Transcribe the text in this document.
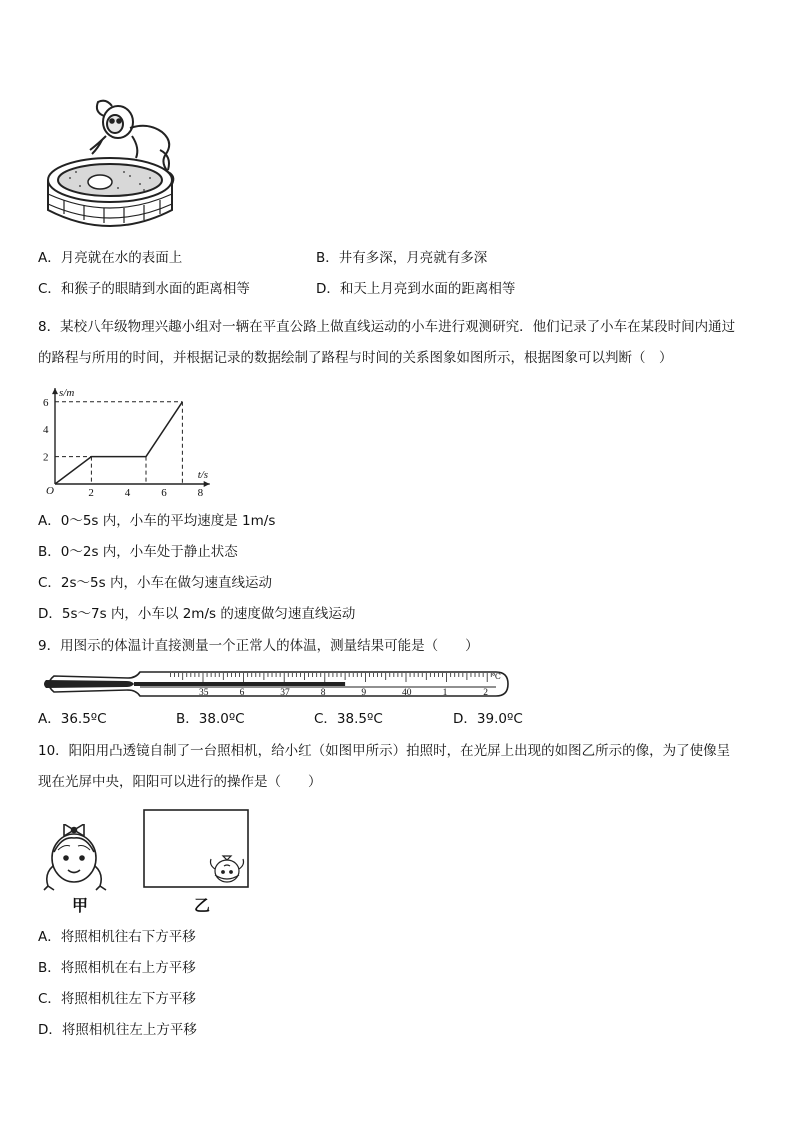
A．月亮就在水的表面上	B．井有多深，月亮就有多深
C．和猴子的眼睛到水面的距离相等	D．和天上月亮到水面的距离相等
8．某校八年级物理兴趣小组对一辆在平直公路上做直线运动的小车进行观测研究．他们记录了小车在某段时间内通过
的路程与所用的时间，并根据记录的数据绘制了路程与时间的关系图象如图所示，根据图象可以判断（　）
2	4	6	8
2
4
6
O
t/s
s/m
A．0～5s 内，小车的平均速度是 1m/s
B．0～2s 内，小车处于静止状态
C．2s～5s 内，小车在做匀速直线运动
D．5s～7s 内，小车以 2m/s 的速度做匀速直线运动
9．用图示的体温计直接测量一个正常人的体温，测量结果可能是（　　）
35	6	37	8	9	40	1	2
℃
A．36.5ºC	B．38.0ºC	C．38.5ºC	D．39.0ºC
10．阳阳用凸透镜自制了一台照相机，给小红（如图甲所示）拍照时，在光屏上出现的如图乙所示的像，为了使像呈
现在光屏中央，阳阳可以进行的操作是（　　）
甲	乙
A．将照相机往右下方平移
B．将照相机在右上方平移
C．将照相机往左下方平移
D．将照相机往左上方平移
